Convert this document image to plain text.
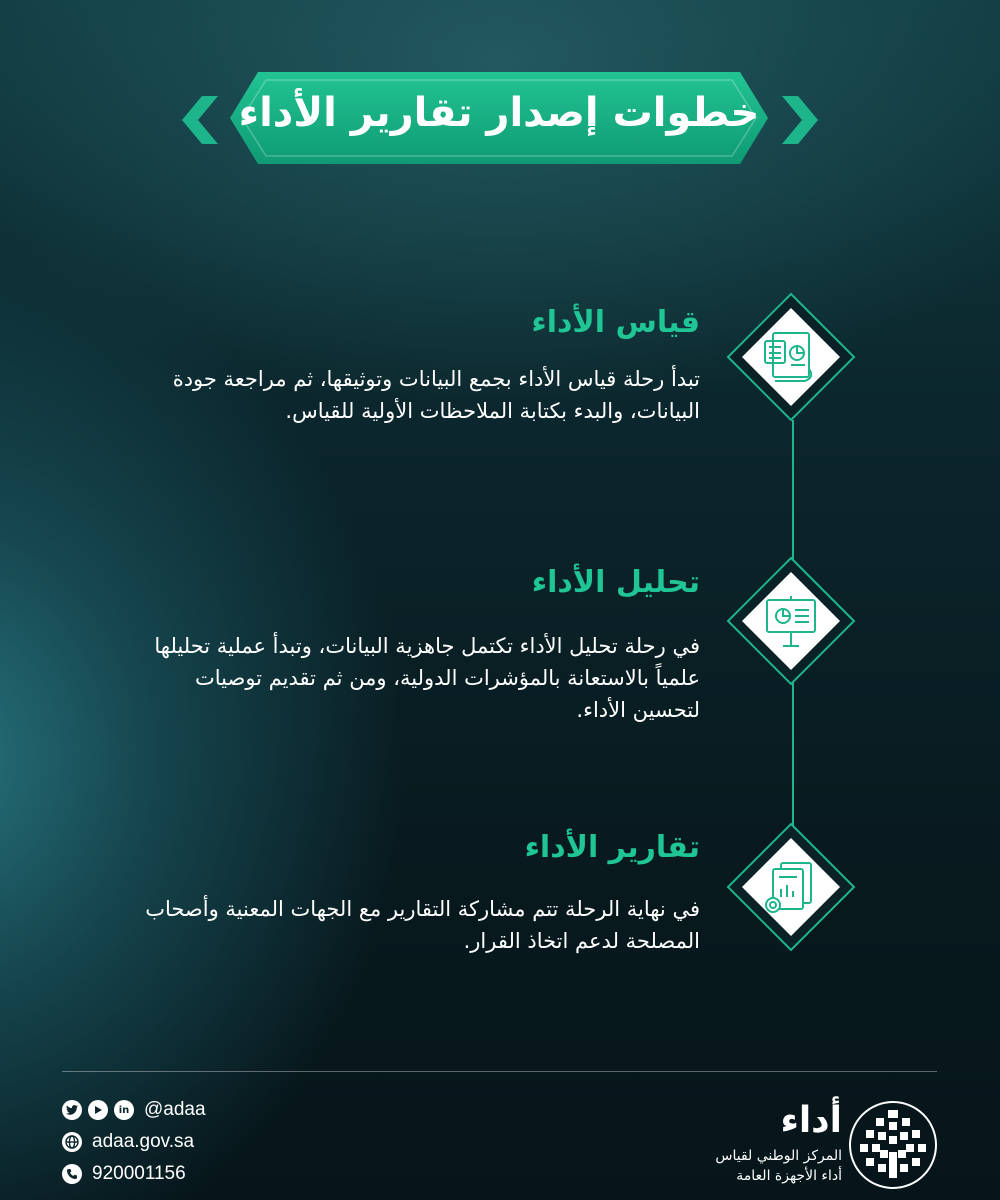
خطوات إصدار تقارير الأداء
قياس الأداء
تبدأ رحلة قياس الأداء بجمع البيانات وتوثيقها، ثم مراجعة جودة البيانات، والبدء بكتابة الملاحظات الأولية للقياس.
تحليل الأداء
في رحلة تحليل الأداء تكتمل جاهزية البيانات، وتبدأ عملية تحليلها علمياً بالاستعانة بالمؤشرات الدولية، ومن ثم تقديم توصيات لتحسين الأداء.
تقارير الأداء
في نهاية الرحلة تتم مشاركة التقارير مع الجهات المعنية وأصحاب المصلحة لدعم اتخاذ القرار.
in @adaa
adaa.gov.sa
920001156
أداء
المركز الوطني لقياس
أداء الأجهزة العامة
